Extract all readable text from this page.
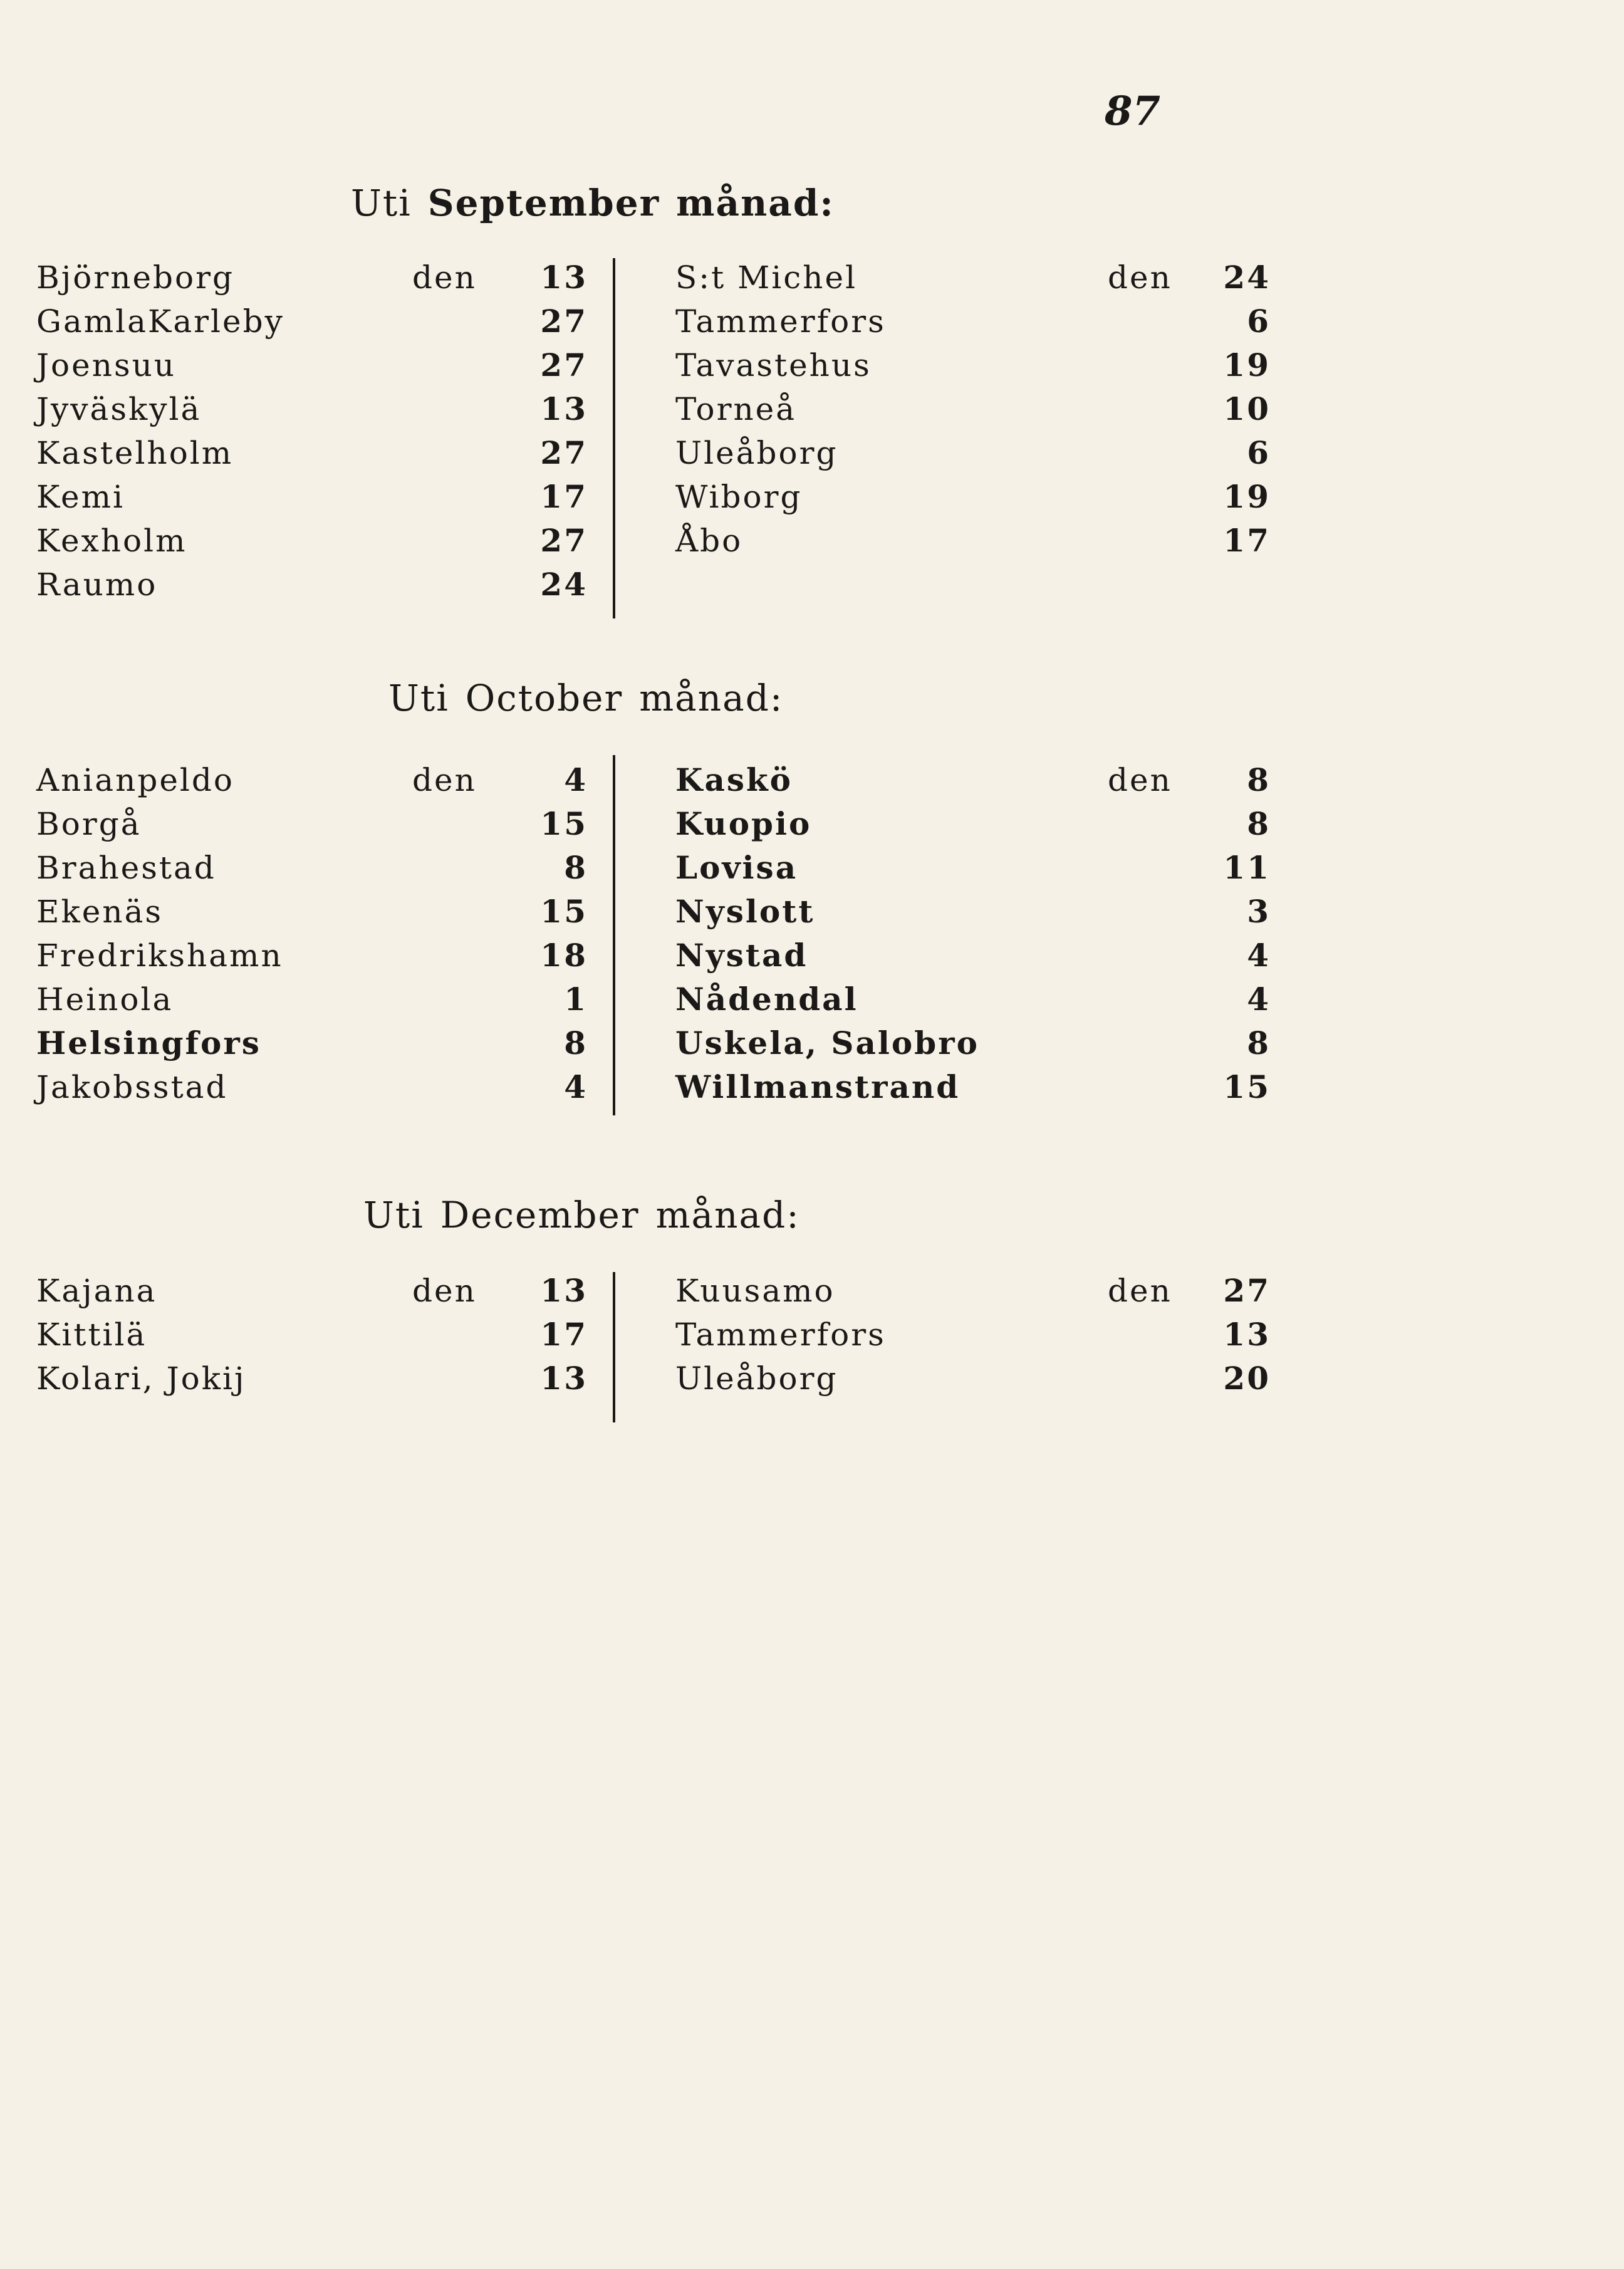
87
Uti September månad:
Björneborg	den	13
GamlaKarleby	27
Joensuu	27
Jyväskylä	13
Kastelholm	27
Kemi	17
Kexholm	27
Raumo	24
S:t Michel	den	24
Tammerfors	6
Tavastehus	19
Torneå	10
Uleåborg	6
Wiborg	19
Åbo	17
Uti October månad:
Anianpeldo	den	4
Borgå	15
Brahestad	8
Ekenäs	15
Fredrikshamn	18
Heinola	1
Helsingfors	8
Jakobsstad	4
Kaskö	den	8
Kuopio	8
Lovisa	11
Nyslott	3
Nystad	4
Nådendal	4
Uskela, Salobro	8
Willmanstrand	15
Uti December månad:
Kajana	den	13
Kittilä	17
Kolari, Jokij	13
Kuusamo	den	27
Tammerfors	13
Uleåborg	20
